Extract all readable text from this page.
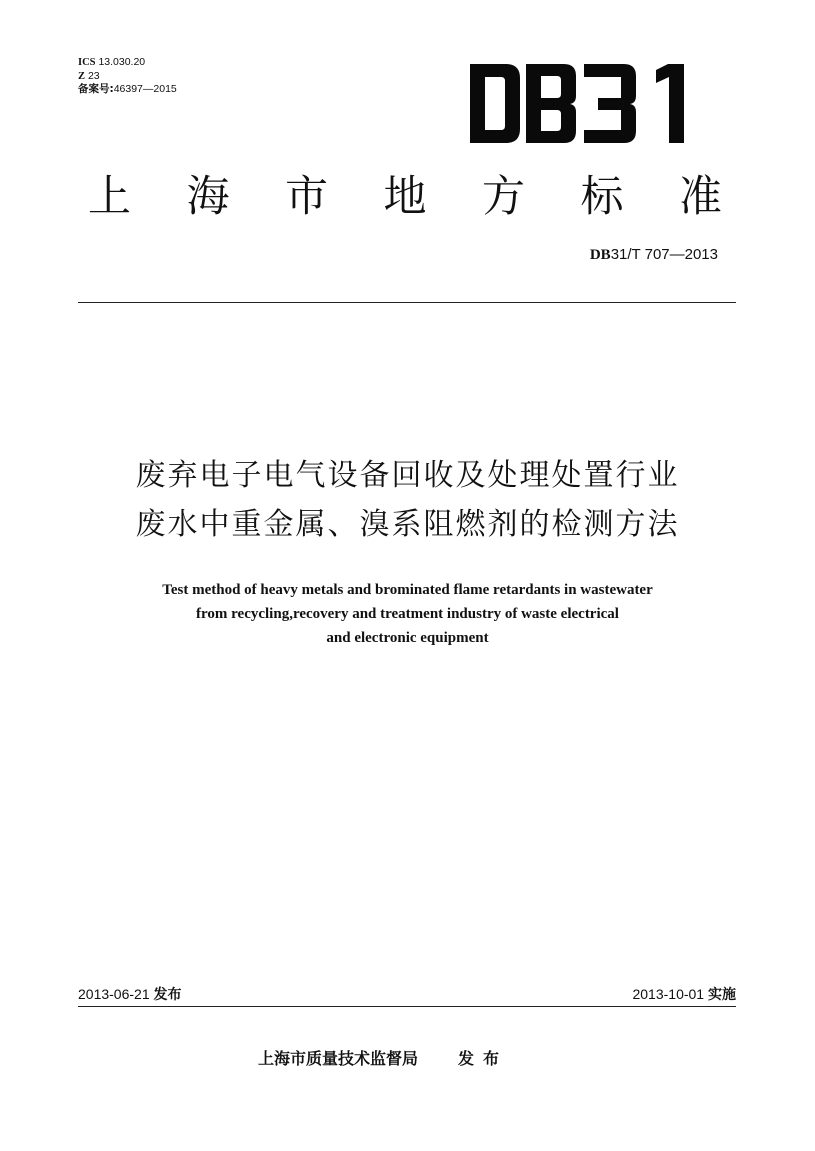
ICS 13.030.20
Z 23
备案号:46397—2015
上 海 市 地 方 标 准
DB31/T 707—2013
废弃电子电气设备回收及处理处置行业
废水中重金属、溴系阻燃剂的检测方法
Test method of heavy metals and brominated flame retardants in wastewater
from recycling,recovery and treatment industry of waste electrical
and electronic equipment
2013-06-21 发布	2013-10-01 实施
上海市质量技术监督局	发布
